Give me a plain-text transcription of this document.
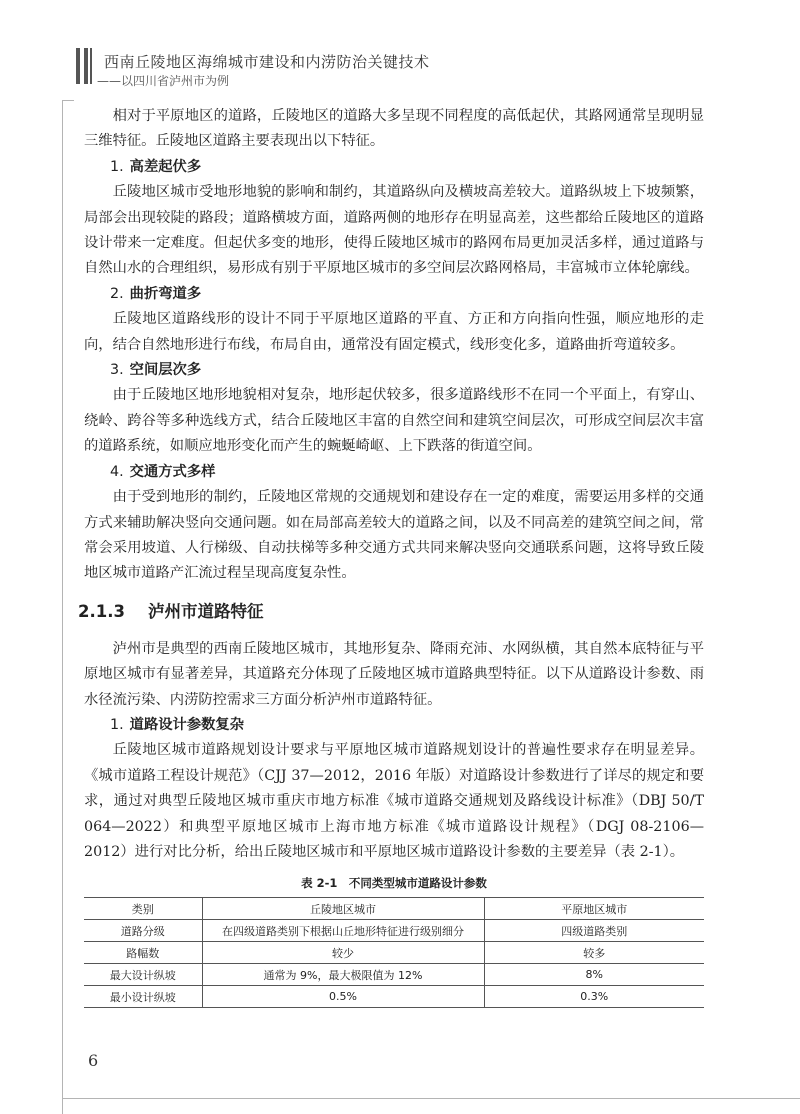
西南丘陵地区海绵城市建设和内涝防治关键技术
——以四川省泸州市为例

相对于平原地区的道路，丘陵地区的道路大多呈现不同程度的高低起伏，其路网通常呈现明显三维特征。丘陵地区道路主要表现出以下特征。

1. 高差起伏多

丘陵地区城市受地形地貌的影响和制约，其道路纵向及横坡高差较大。道路纵坡上下坡频繁，局部会出现较陡的路段；道路横坡方面，道路两侧的地形存在明显高差，这些都给丘陵地区的道路设计带来一定难度。但起伏多变的地形，使得丘陵地区城市的路网布局更加灵活多样，通过道路与自然山水的合理组织，易形成有别于平原地区城市的多空间层次路网格局，丰富城市立体轮廓线。

2. 曲折弯道多

丘陵地区道路线形的设计不同于平原地区道路的平直、方正和方向指向性强，顺应地形的走向，结合自然地形进行布线，布局自由，通常没有固定模式，线形变化多，道路曲折弯道较多。

3. 空间层次多

由于丘陵地区地形地貌相对复杂，地形起伏较多，很多道路线形不在同一个平面上，有穿山、绕岭、跨谷等多种选线方式，结合丘陵地区丰富的自然空间和建筑空间层次，可形成空间层次丰富的道路系统，如顺应地形变化而产生的蜿蜒崎岖、上下跌落的街道空间。

4. 交通方式多样

由于受到地形的制约，丘陵地区常规的交通规划和建设存在一定的难度，需要运用多样的交通方式来辅助解决竖向交通问题。如在局部高差较大的道路之间，以及不同高差的建筑空间之间，常常会采用坡道、人行梯级、自动扶梯等多种交通方式共同来解决竖向交通联系问题，这将导致丘陵地区城市道路产汇流过程呈现高度复杂性。

2.1.3 泸州市道路特征

泸州市是典型的西南丘陵地区城市，其地形复杂、降雨充沛、水网纵横，其自然本底特征与平原地区城市有显著差异，其道路充分体现了丘陵地区城市道路典型特征。以下从道路设计参数、雨水径流污染、内涝防控需求三方面分析泸州市道路特征。

1. 道路设计参数复杂

丘陵地区城市道路规划设计要求与平原地区城市道路规划设计的普遍性要求存在明显差异。《城市道路工程设计规范》（CJJ 37—2012，2016 年版）对道路设计参数进行了详尽的规定和要求，通过对典型丘陵地区城市重庆市地方标准《城市道路交通规划及路线设计标准》（DBJ 50/T 064—2022）和典型平原地区城市上海市地方标准《城市道路设计规程》（DGJ 08-2106—2012）进行对比分析，给出丘陵地区城市和平原地区城市道路设计参数的主要差异（表 2-1）。

表 2-1　不同类型城市道路设计参数
类别	丘陵地区城市	平原地区城市
道路分级	在四级道路类别下根据山丘地形特征进行级别细分	四级道路类别
路幅数	较少	较多
最大设计纵坡	通常为 9%，最大极限值为 12%	8%
最小设计纵坡	0.5%	0.3%
6
